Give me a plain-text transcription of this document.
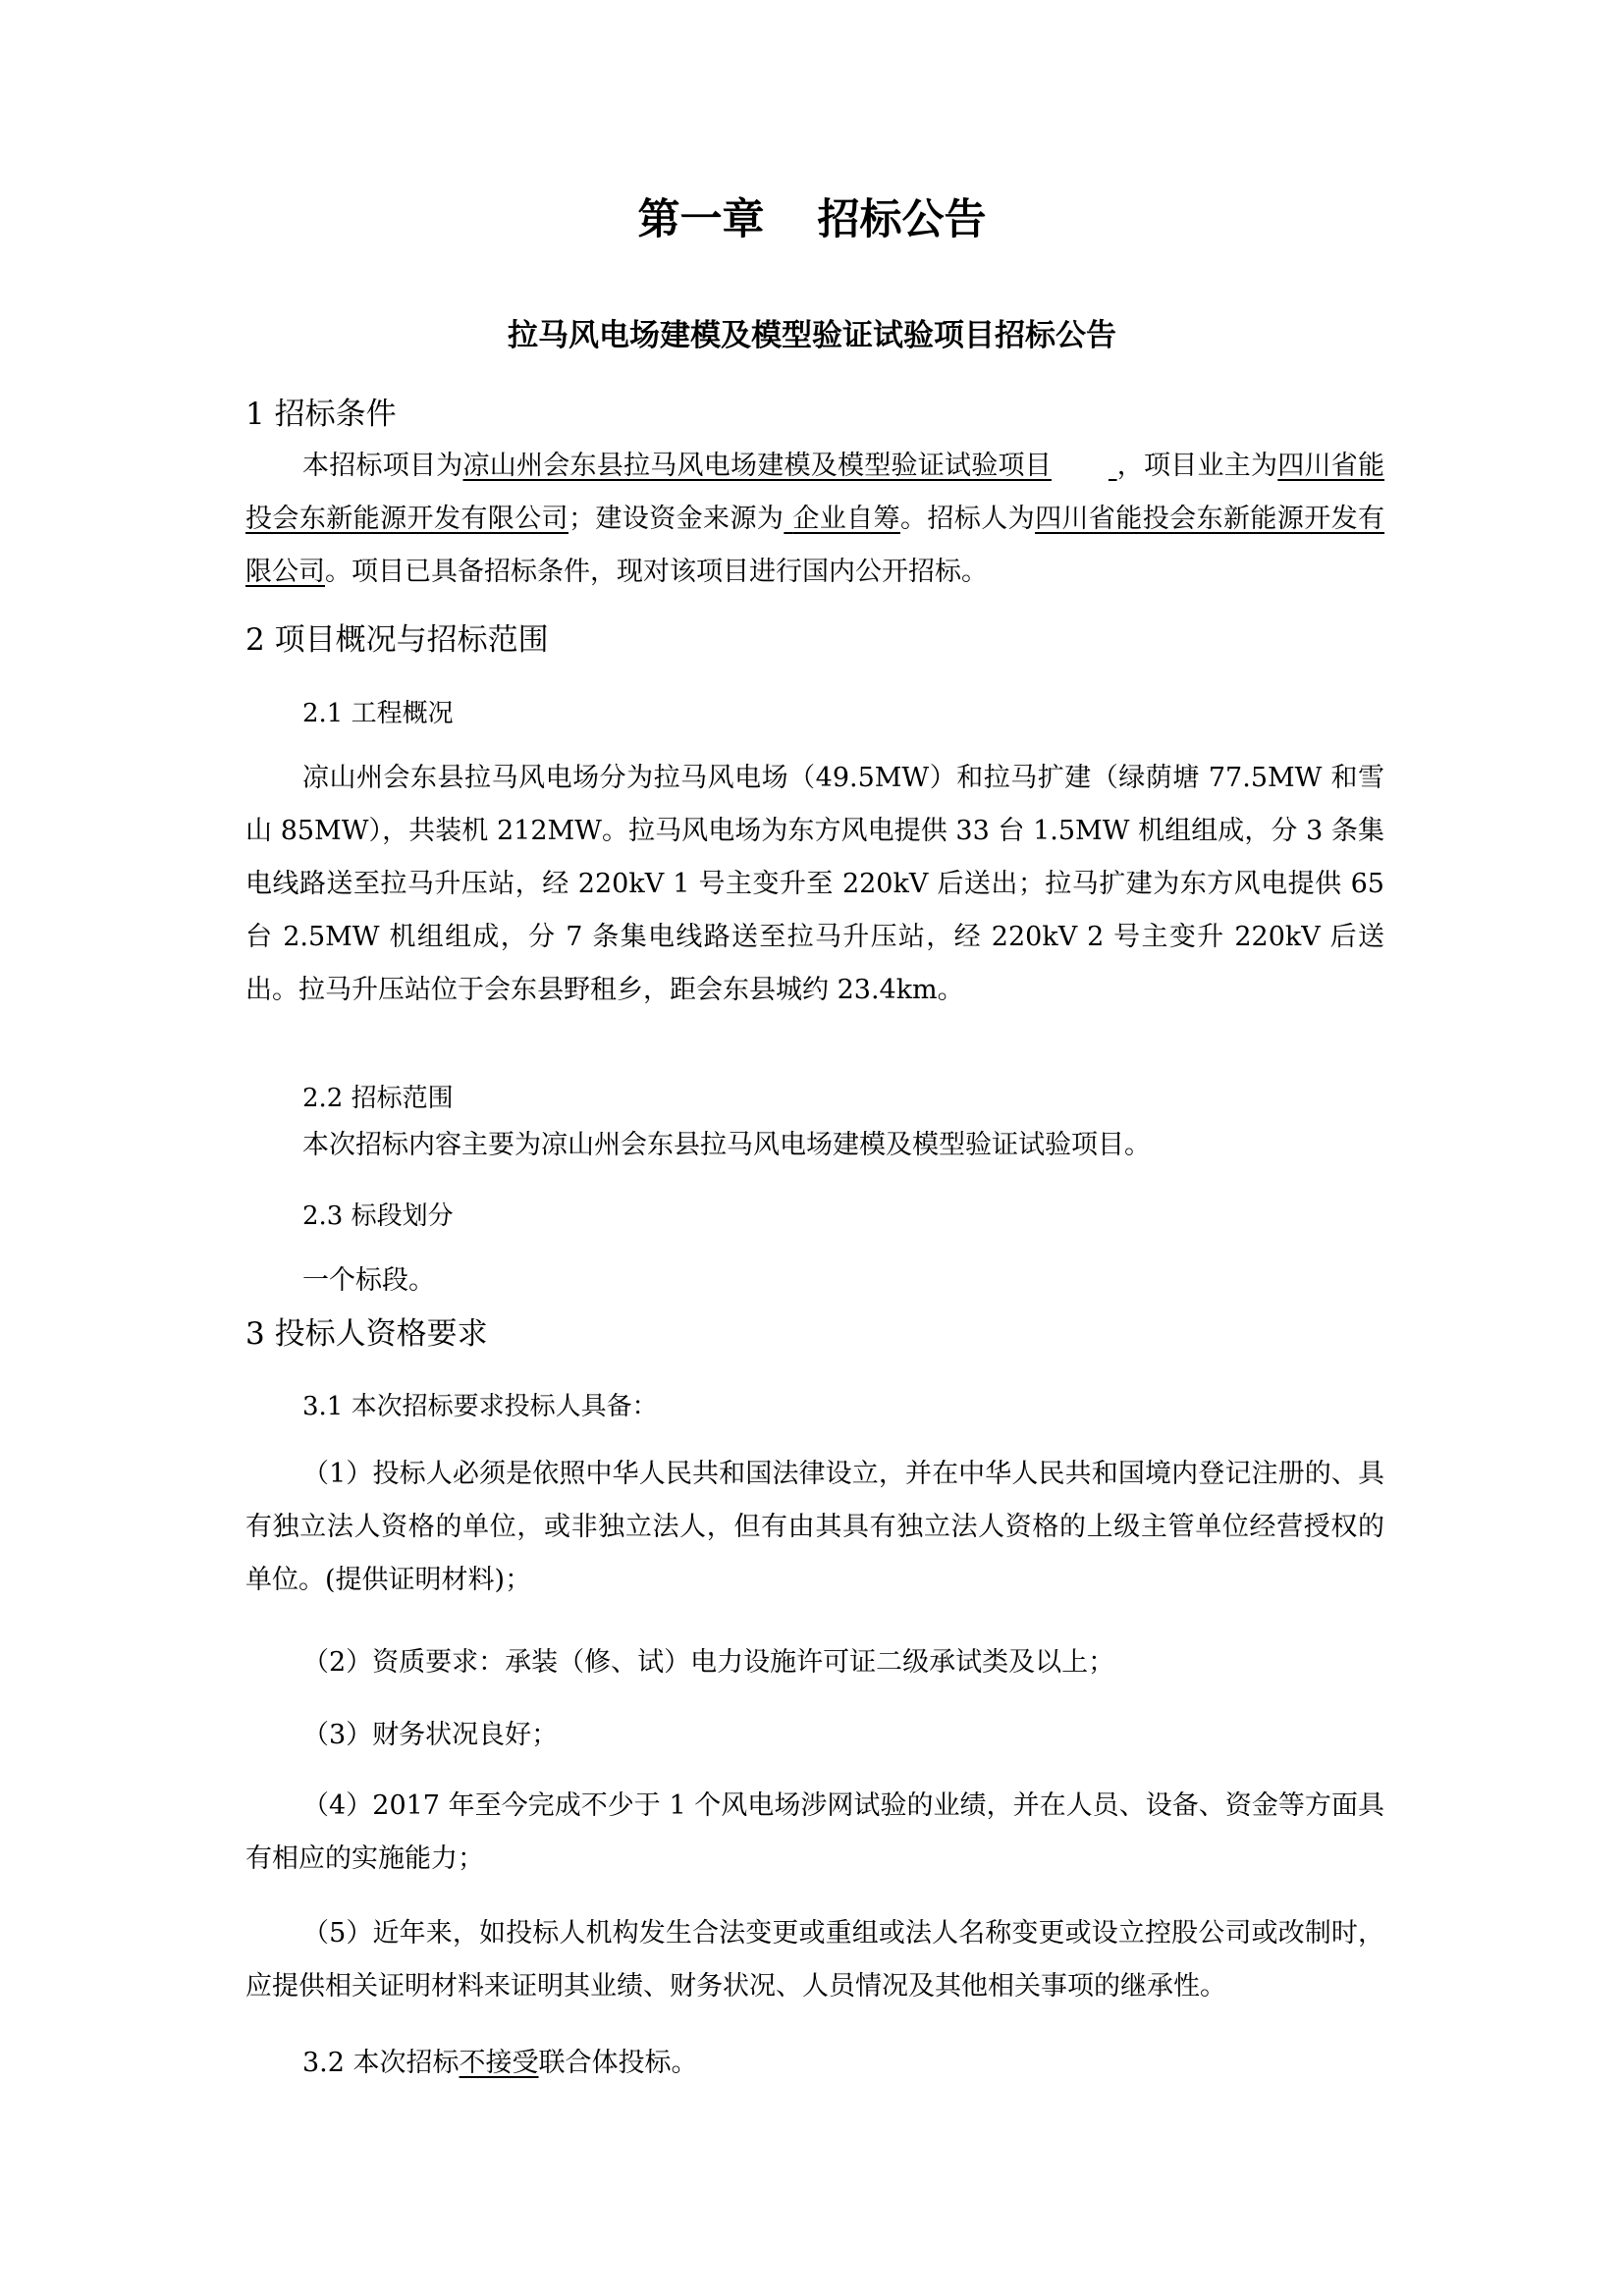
第一章 招标公告
拉马风电场建模及模型验证试验项目招标公告
1 招标条件

本招标项目为凉山州会东县拉马风电场建模及模型验证试验项目 ，项目业主为四川省能投会东新能源开发有限公司；建设资金来源为 企业自筹。招标人为四川省能投会东新能源开发有限公司。项目已具备招标条件，现对该项目进行国内公开招标。

2 项目概况与招标范围
2.1 工程概况

凉山州会东县拉马风电场分为拉马风电场（49.5MW）和拉马扩建（绿荫塘 77.5MW 和雪山 85MW），共装机 212MW。拉马风电场为东方风电提供 33 台 1.5MW 机组组成，分 3 条集电线路送至拉马升压站，经 220kV 1 号主变升至 220kV 后送出；拉马扩建为东方风电提供 65 台 2.5MW 机组组成，分 7 条集电线路送至拉马升压站，经 220kV 2 号主变升 220kV 后送出。拉马升压站位于会东县野租乡，距会东县城约 23.4km。

2.2 招标范围

本次招标内容主要为凉山州会东县拉马风电场建模及模型验证试验项目。

2.3 标段划分

一个标段。

3 投标人资格要求
3.1 本次招标要求投标人具备：

（1）投标人必须是依照中华人民共和国法律设立，并在中华人民共和国境内登记注册的、具有独立法人资格的单位，或非独立法人，但有由其具有独立法人资格的上级主管单位经营授权的单位。(提供证明材料)；

（2）资质要求：承装（修、试）电力设施许可证二级承试类及以上；

（3）财务状况良好；

（4）2017 年至今完成不少于 1 个风电场涉网试验的业绩，并在人员、设备、资金等方面具有相应的实施能力；

（5）近年来，如投标人机构发生合法变更或重组或法人名称变更或设立控股公司或改制时，应提供相关证明材料来证明其业绩、财务状况、人员情况及其他相关事项的继承性。

3.2 本次招标不接受联合体投标。
